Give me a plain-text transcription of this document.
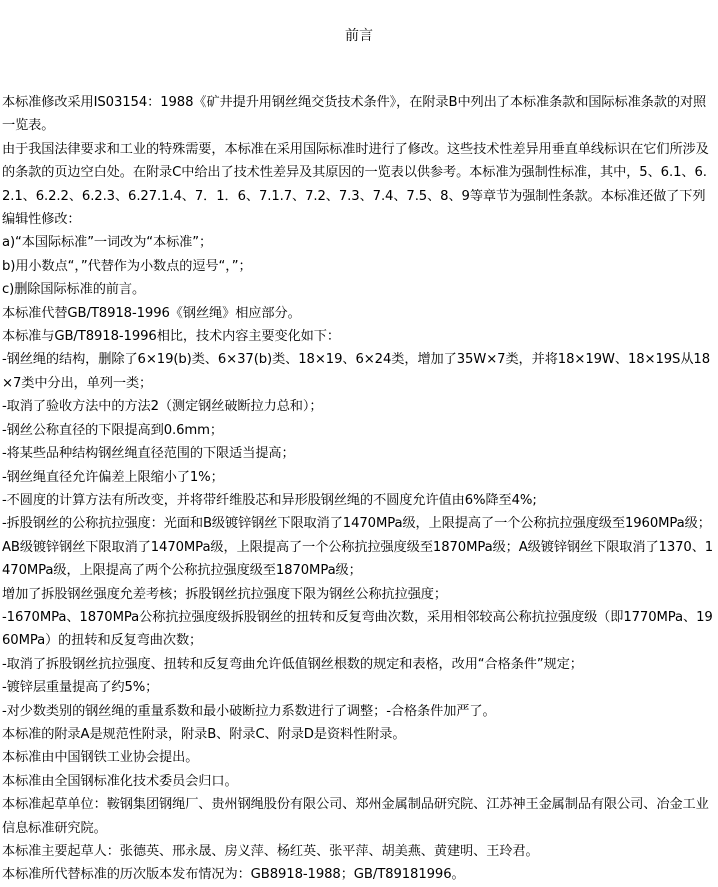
前言

本标准修改采用IS03154：1988《矿井提升用钢丝绳交货技术条件》，在附录B中列出了本标准条款和国际标准条款的对照一览表。

由于我国法律要求和工业的特殊需要，本标准在采用国际标准时进行了修改。这些技术性差异用垂直单线标识在它们所涉及的条款的页边空白处。在附录C中给出了技术性差异及其原因的一览表以供参考。本标准为强制性标准，其中，5、6.1、6.2.1、6.2.2、6.2.3、6.27.1.4、7．1．6、7.1.7、7.2、7.3、7.4、7.5、8、9等章节为强制性条款。本标准还做了下列编辑性修改：

a)“本国际标准”一词改为“本标准”；

b)用小数点“，”代替作为小数点的逗号“，”；

c)删除国际标准的前言。

本标准代替GB/T8918-1996《钢丝绳》相应部分。

本标准与GB/T8918-1996相比，技术内容主要变化如下：

-钢丝绳的结构，删除了6×19(b)类、6×37(b)类、18×19、6×24类，增加了35W×7类，并将18×19W、18×19S从18×7类中分出，单列一类；

-取消了验收方法中的方法2（测定钢丝破断拉力总和）；

-钢丝公称直径的下限提高到0.6mm；

-将某些品种结构钢丝绳直径范围的下限适当提高；

-钢丝绳直径允许偏差上限缩小了1%；

-不圆度的计算方法有所改变，并将带纤维股芯和异形股钢丝绳的不圆度允许值由6%降至4%;

-拆股钢丝的公称抗拉强度：光面和B级镀锌钢丝下限取消了1470MPa级，上限提高了一个公称抗拉强度级至1960MPa级；AB级镀锌钢丝下限取消了1470MPa级，上限提高了一个公称抗拉强度级至1870MPa级；A级镀锌钢丝下限取消了1370、1470MPa级，上限提高了两个公称抗拉强度级至1870MPa级；

增加了拆股钢丝强度允差考核；拆股钢丝抗拉强度下限为钢丝公称抗拉强度；

-1670MPa、1870MPa公称抗拉强度级拆股钢丝的扭转和反复弯曲次数，采用相邻较高公称抗拉强度级（即1770MPa、1960MPa）的扭转和反复弯曲次数；

-取消了拆股钢丝抗拉强度、扭转和反复弯曲允许低值钢丝根数的规定和表格，改用“合格条件”规定；

-镀锌层重量提高了约5%；

-对少数类别的钢丝绳的重量系数和最小破断拉力系数进行了调整；-合格条件加严了。

本标准的附录A是规范性附录，附录B、附录C、附录D是资料性附录。

本标准由中国钢铁工业协会提出。

本标准由全国钢标准化技术委员会归口。

本标准起草单位：鞍钢集团钢绳厂、贵州钢绳股份有限公司、郑州金属制品研究院、江苏神王金属制品有限公司、冶金工业信息标准研究院。

本标准主要起草人：张德英、邢永晟、房义萍、杨红英、张平萍、胡美燕、黄建明、王玲君。

本标准所代替标准的历次版本发布情况为：GB8918-1988；GB/T89181996。
